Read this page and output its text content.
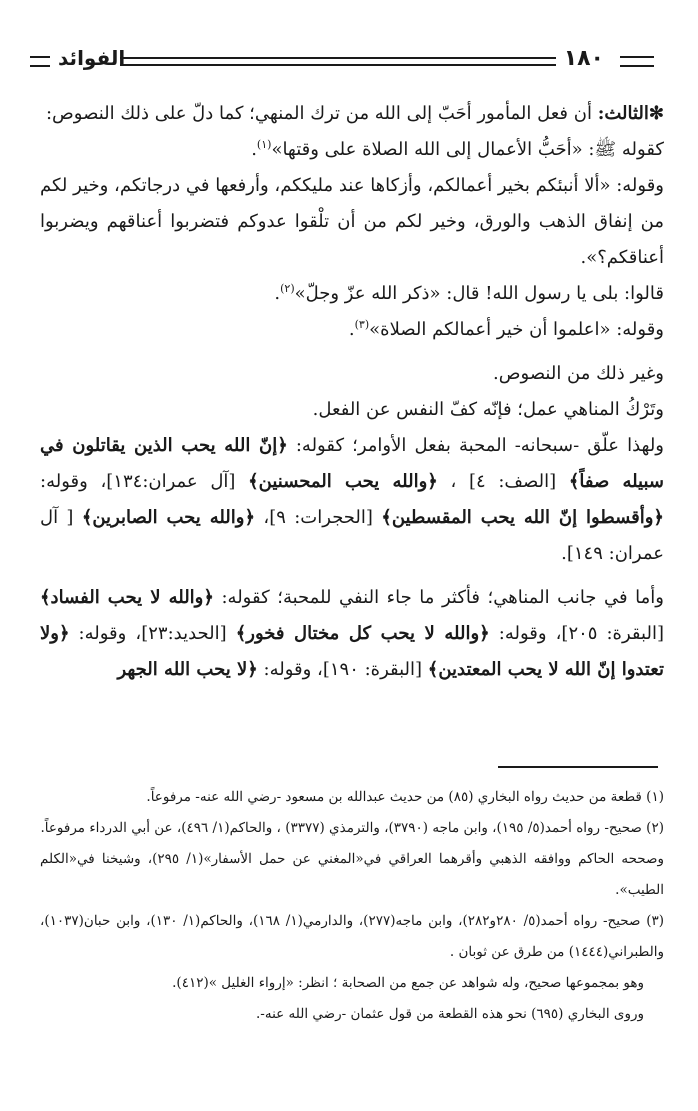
١٨٠
الفوائد

✻الثالث: أن فعل المأمور أحَبّ إلى الله من ترك المنهي؛ كما دلّ على ذلك النصوص:

كقوله ﷺ: «أحَبُّ الأعمال إلى الله الصلاة على وقتها»$^{(١)}$.

وقوله: «ألا أنبئكم بخير أعمالكم، وأزكاها عند مليككم، وأرفعها في درجاتكم، وخير لكم من إنفاق الذهب والورق، وخير لكم من أن تلْقوا عدوكم فتضربوا أعناقهم ويضربوا أعناقكم؟».

قالوا: بلى يا رسول الله! قال: «ذكر الله عزّ وجلّ»$^{(٢)}$.

وقوله: «اعلموا أن خير أعمالكم الصلاة»$^{(٣)}$.

وغير ذلك من النصوص.

وتَرْكُ المناهي عمل؛ فإنّه كفّ النفس عن الفعل.

ولهذا علّق -سبحانه- المحبة بفعل الأوامر؛ كقوله: ﴿إنّ الله يحب الذين يقاتلون في سبيله صفاً﴾ [الصف: ٤] ، ﴿والله يحب المحسنين﴾ [آل عمران:١٣٤]، وقوله: ﴿وأقسطوا إنّ الله يحب المقسطين﴾ [الحجرات: ٩]، ﴿والله يحب الصابرين﴾ [ آل عمران: ١٤٩].

وأما في جانب المناهي؛ فأكثر ما جاء النفي للمحبة؛ كقوله: ﴿والله لا يحب الفساد﴾ [البقرة: ٢٠٥]، وقوله: ﴿والله لا يحب كل مختال فخور﴾ [الحديد:٢٣]، وقوله: ﴿ولا تعتدوا إنّ الله لا يحب المعتدين﴾ [البقرة: ١٩٠]، وقوله: ﴿لا يحب الله الجهر

(١) قطعة من حديث رواه البخاري (٨٥) من حديث عبدالله بن مسعود -رضي الله عنه- مرفوعاً.

(٢) صحيح- رواه أحمد(٥/ ١٩٥)، وابن ماجه (٣٧٩٠)، والترمذي (٣٣٧٧) ، والحاكم(١/ ٤٩٦)، عن أبي الدرداء مرفوعاً.

وصححه الحاكم ووافقه الذهبي وأقرهما العراقي في«المغني عن حمل الأسفار»(١/ ٢٩٥)، وشيخنا في«الكلم الطيب».

(٣) صحيح- رواه أحمد(٥/ ٢٨٠و٢٨٢)، وابن ماجه(٢٧٧)، والدارمي(١/ ١٦٨)، والحاكم(١/ ١٣٠)، وابن حبان(١٠٣٧)، والطبراني(١٤٤٤) من طرق عن ثوبان .

وهو بمجموعها صحيح، وله شواهد عن جمع من الصحابة ؛ انظر: «إرواء الغليل »(٤١٢).

وروى البخاري (٦٩٥) نحو هذه القطعة من قول عثمان -رضي الله عنه-.
